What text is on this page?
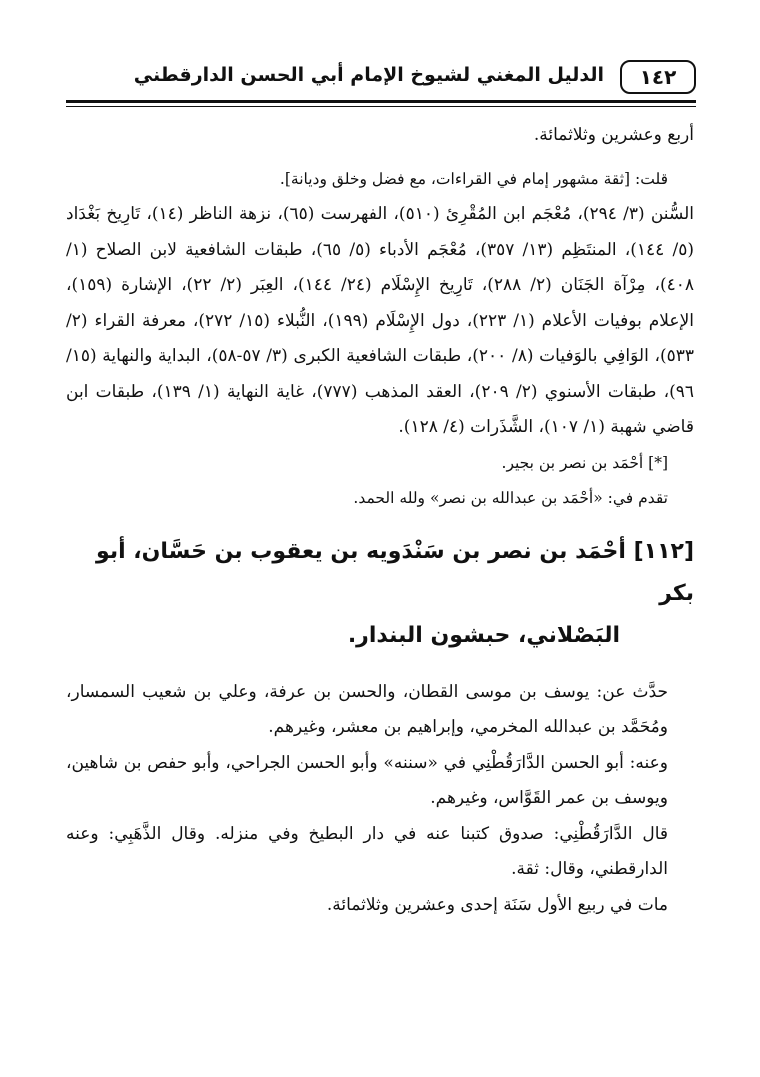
١٤٢
الدليل المغني لشيوخ الإمام أبي الحسن الدارقطني

أربع وعشرين وثلاثمائة.

قلت: [ثقة مشهور إمام في القراءات، مع فضل وخلق وديانة].

السُّنن (٣/ ٢٩٤)، مُعْجَم ابن المُقْرِئ (٥١٠)، الفهرست (٦٥)، نزهة الناظر (١٤)، تَارِيخ بَغْدَاد (٥/ ١٤٤)، المنتَظِم (١٣/ ٣٥٧)، مُعْجَم الأدباء (٥/ ٦٥)، طبقات الشافعية لابن الصلاح (١/ ٤٠٨)، مِرْآة الجَنَان (٢/ ٢٨٨)، تَارِيخ الإِسْلَام (٢٤/ ١٤٤)، العِبَر (٢/ ٢٢)، الإشارة (١٥٩)، الإعلام بوفيات الأعلام (١/ ٢٢٣)، دول الإِسْلَام (١٩٩)، النُّبلاء (١٥/ ٢٧٢)، معرفة القراء (٢/ ٥٣٣)، الوَافِي بالوَفيات (٨/ ٢٠٠)، طبقات الشافعية الكبرى (٣/ ٥٧-٥٨)، البداية والنهاية (١٥/ ٩٦)، طبقات الأسنوي (٢/ ٢٠٩)، العقد المذهب (٧٧٧)، غاية النهاية (١/ ١٣٩)، طبقات ابن قاضي شهبة (١/ ١٠٧)، الشَّذَرات (٤/ ١٢٨).

[*] أحْمَد بن نصر بن بجير.

تقدم في: «أحْمَد بن عبدالله بن نصر» ولله الحمد.

[١١٢] أحْمَد بن نصر بن سَنْدَويه بن يعقوب بن حَسَّان، أبو بكر
البَصْلاني، حبشون البندار.

حدَّث عن: يوسف بن موسى القطان، والحسن بن عرفة، وعلي بن شعيب السمسار، ومُحَمَّد بن عبدالله المخرمي، وإبراهيم بن معشر، وغيرهم.

وعنه: أبو الحسن الدَّارَقُطْنِي في «سننه» وأبو الحسن الجراحي، وأبو حفص بن شاهين، ويوسف بن عمر القَوَّاس، وغيرهم.

قال الدَّارَقُطْنِي: صدوق كتبنا عنه في دار البطيخ وفي منزله. وقال الذَّهَبِي: وعنه الدارقطني، وقال: ثقة.

مات في ربيع الأول سَنَة إحدى وعشرين وثلاثمائة.
